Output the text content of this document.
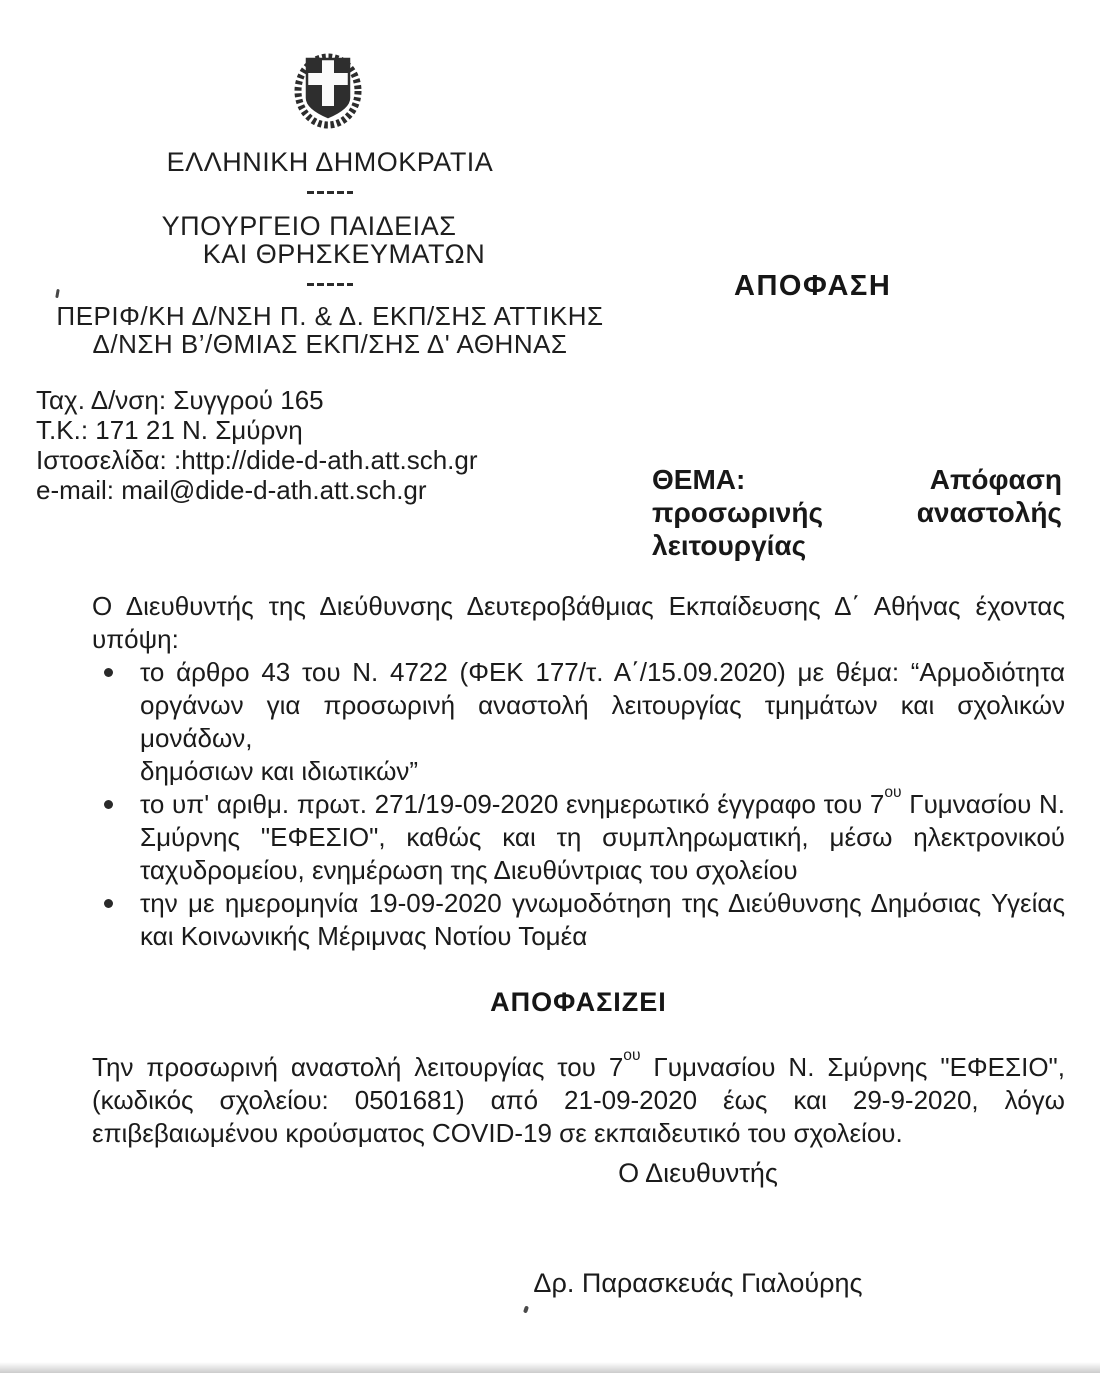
ΕΛΛΗΝΙΚΗ ΔΗΜΟΚΡΑΤΙΑ
ΥΠΟΥΡΓΕΙΟ ΠΑΙΔΕΙΑΣ
ΚΑΙ ΘΡΗΣΚΕΥΜΑΤΩΝ
ΠΕΡΙΦ/ΚΗ Δ/ΝΣΗ Π. & Δ. ΕΚΠ/ΣΗΣ ΑΤΤΙΚΗΣ
Δ/ΝΣΗ Β’/ΘΜΙΑΣ ΕΚΠ/ΣΗΣ Δ' ΑΘΗΝΑΣ
ΑΠΟΦΑΣΗ
Ταχ. Δ/νση: Συγγρού 165
Τ.Κ.: 171 21 Ν. Σμύρνη
Ιστοσελίδα: :http://dide-d-ath.att.sch.gr
e-mail: mail@dide-d-ath.att.sch.gr	ΘΕΜΑ:	Απόφαση
προσωρινής	αναστολής
λειτουργίας
Ο Διευθυντής της Διεύθυνσης Δευτεροβάθμιας Εκπαίδευσης Δ΄ Αθήνας έχοντας
υπόψη:
το άρθρο 43 του Ν. 4722 (ΦΕΚ 177/τ. Α΄/15.09.2020) με θέμα: “Αρμοδιότητα
οργάνων για προσωρινή αναστολή λειτουργίας τμημάτων και σχολικών μονάδων,
δημόσιων και ιδιωτικών”
το υπ' αριθμ. πρωτ. 271/19-09-2020 ενημερωτικό έγγραφο του $7^{o\upsilon}$ Γυμνασίου Ν.
Σμύρνης "ΕΦΕΣΙΟ", καθώς και τη συμπληρωματική, μέσω ηλεκτρονικού
ταχυδρομείου, ενημέρωση της Διευθύντριας του σχολείου
την με ημερομηνία 19-09-2020 γνωμοδότηση της Διεύθυνσης Δημόσιας Υγείας
και Κοινωνικής Μέριμνας Νοτίου Τομέα
ΑΠΟΦΑΣΙΖΕΙ
Την προσωρινή αναστολή λειτουργίας του $7^{o\upsilon}$ Γυμνασίου Ν. Σμύρνης "ΕΦΕΣΙΟ",
(κωδικός σχολείου: 0501681) από 21-09-2020 έως και 29-9-2020, λόγω
επιβεβαιωμένου κρούσματος COVID-19 σε εκπαιδευτικό του σχολείου.
Ο Διευθυντής
Δρ. Παρασκευάς Γιαλούρης
